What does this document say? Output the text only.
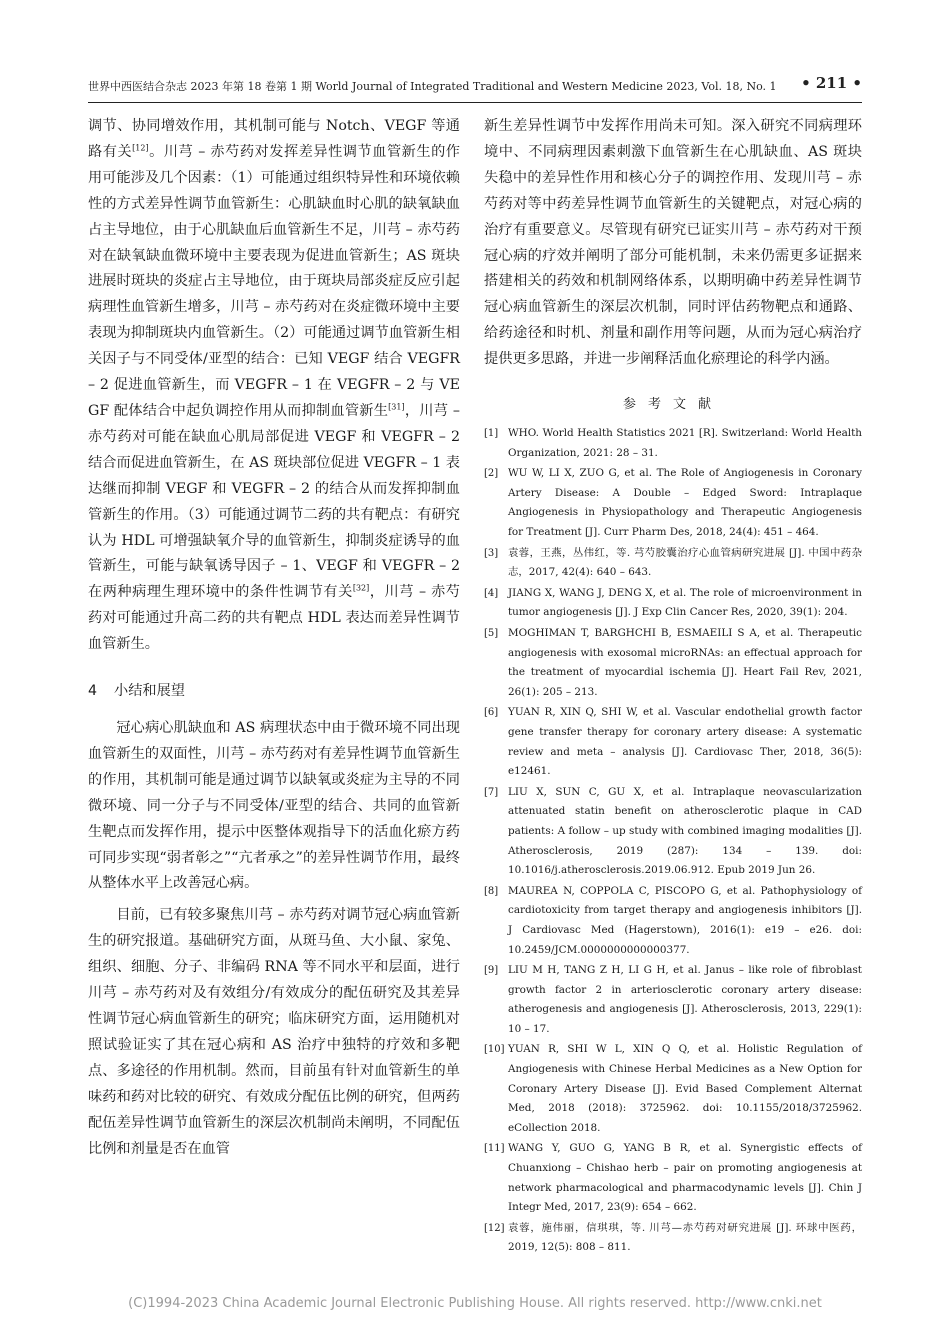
世界中西医结合杂志 2023 年第 18 卷第 1 期 World Journal of Integrated Traditional and Western Medicine 2023, Vol. 18, No. 1 • 211 •

调节、协同增效作用，其机制可能与 Notch、VEGF 等通路有关[12]。川芎 – 赤芍药对发挥差异性调节血管新生的作用可能涉及几个因素：（1）可能通过组织特异性和环境依赖性的方式差异性调节血管新生：心肌缺血时心肌的缺氧缺血占主导地位，由于心肌缺血后血管新生不足，川芎 – 赤芍药对在缺氧缺血微环境中主要表现为促进血管新生；AS 斑块进展时斑块的炎症占主导地位，由于斑块局部炎症反应引起病理性血管新生增多，川芎 – 赤芍药对在炎症微环境中主要表现为抑制斑块内血管新生。（2）可能通过调节血管新生相关因子与不同受体/亚型的结合：已知 VEGF 结合 VEGFR – 2 促进血管新生，而 VEGFR – 1 在 VEGFR – 2 与 VEGF 配体结合中起负调控作用从而抑制血管新生[31]，川芎 – 赤芍药对可能在缺血心肌局部促进 VEGF 和 VEGFR – 2 结合而促进血管新生，在 AS 斑块部位促进 VEGFR – 1 表达继而抑制 VEGF 和 VEGFR – 2 的结合从而发挥抑制血管新生的作用。（3）可能通过调节二药的共有靶点：有研究认为 HDL 可增强缺氧介导的血管新生，抑制炎症诱导的血管新生，可能与缺氧诱导因子 – 1、VEGF 和 VEGFR – 2 在两种病理生理环境中的条件性调节有关[32]，川芎 – 赤芍药对可能通过升高二药的共有靶点 HDL 表达而差异性调节血管新生。

4 小结和展望

冠心病心肌缺血和 AS 病理状态中由于微环境不同出现血管新生的双面性，川芎 – 赤芍药对有差异性调节血管新生的作用，其机制可能是通过调节以缺氧或炎症为主导的不同微环境、同一分子与不同受体/亚型的结合、共同的血管新生靶点而发挥作用，提示中医整体观指导下的活血化瘀方药可同步实现“弱者彰之”“亢者承之”的差异性调节作用，最终从整体水平上改善冠心病。

目前，已有较多聚焦川芎 – 赤芍药对调节冠心病血管新生的研究报道。基础研究方面，从斑马鱼、大小鼠、家兔、组织、细胞、分子、非编码 RNA 等不同水平和层面，进行川芎 – 赤芍药对及有效组分/有效成分的配伍研究及其差异性调节冠心病血管新生的研究；临床研究方面，运用随机对照试验证实了其在冠心病和 AS 治疗中独特的疗效和多靶点、多途径的作用机制。然而，目前虽有针对血管新生的单味药和药对比较的研究、有效成分配伍比例的研究，但两药配伍差异性调节血管新生的深层次机制尚未阐明，不同配伍比例和剂量是否在血管

新生差异性调节中发挥作用尚未可知。深入研究不同病理环境中、不同病理因素刺激下血管新生在心肌缺血、AS 斑块失稳中的差异性作用和核心分子的调控作用、发现川芎 – 赤芍药对等中药差异性调节血管新生的关键靶点，对冠心病的治疗有重要意义。尽管现有研究已证实川芎 – 赤芍药对干预冠心病的疗效并阐明了部分可能机制，未来仍需更多证据来搭建相关的药效和机制网络体系，以期明确中药差异性调节冠心病血管新生的深层次机制，同时评估药物靶点和通路、给药途径和时机、剂量和副作用等问题，从而为冠心病治疗提供更多思路，并进一步阐释活血化瘀理论的科学内涵。

参考文献
[1] WHO. World Health Statistics 2021 [R]. Switzerland: World Health Organization, 2021: 28 – 31.
[2] WU W, LI X, ZUO G, et al. The Role of Angiogenesis in Coronary Artery Disease: A Double – Edged Sword: Intraplaque Angiogenesis in Physiopathology and Therapeutic Angiogenesis for Treatment [J]. Curr Pharm Des, 2018, 24(4): 451 – 464.
[3] 袁蓉，王燕，丛伟红，等. 芎芍胶囊治疗心血管病研究进展 [J]. 中国中药杂志，2017, 42(4): 640 – 643.
[4] JIANG X, WANG J, DENG X, et al. The role of microenvironment in tumor angiogenesis [J]. J Exp Clin Cancer Res, 2020, 39(1): 204.
[5] MOGHIMAN T, BARGHCHI B, ESMAEILI S A, et al. Therapeutic angiogenesis with exosomal microRNAs: an effectual approach for the treatment of myocardial ischemia [J]. Heart Fail Rev, 2021, 26(1): 205 – 213.
[6] YUAN R, XIN Q, SHI W, et al. Vascular endothelial growth factor gene transfer therapy for coronary artery disease: A systematic review and meta – analysis [J]. Cardiovasc Ther, 2018, 36(5): e12461.
[7] LIU X, SUN C, GU X, et al. Intraplaque neovascularization attenuated statin benefit on atherosclerotic plaque in CAD patients: A follow – up study with combined imaging modalities [J]. Atherosclerosis, 2019 (287): 134 – 139. doi: 10.1016/j.atherosclerosis.2019.06.912. Epub 2019 Jun 26.
[8] MAUREA N, COPPOLA C, PISCOPO G, et al. Pathophysiology of cardiotoxicity from target therapy and angiogenesis inhibitors [J]. J Cardiovasc Med (Hagerstown), 2016(1): e19 – e26. doi: 10.2459/JCM.0000000000000377.
[9] LIU M H, TANG Z H, LI G H, et al. Janus – like role of fibroblast growth factor 2 in arteriosclerotic coronary artery disease: atherogenesis and angiogenesis [J]. Atherosclerosis, 2013, 229(1): 10 – 17.
[10] YUAN R, SHI W L, XIN Q Q, et al. Holistic Regulation of Angiogenesis with Chinese Herbal Medicines as a New Option for Coronary Artery Disease [J]. Evid Based Complement Alternat Med, 2018 (2018): 3725962. doi: 10.1155/2018/3725962. eCollection 2018.
[11] WANG Y, GUO G, YANG B R, et al. Synergistic effects of Chuanxiong – Chishao herb – pair on promoting angiogenesis at network pharmacological and pharmacodynamic levels [J]. Chin J Integr Med, 2017, 23(9): 654 – 662.
[12] 袁蓉，施伟丽，信琪琪，等. 川芎—赤芍药对研究进展 [J]. 环球中医药，2019, 12(5): 808 – 811.
(C)1994-2023 China Academic Journal Electronic Publishing House. All rights reserved. http://www.cnki.net
